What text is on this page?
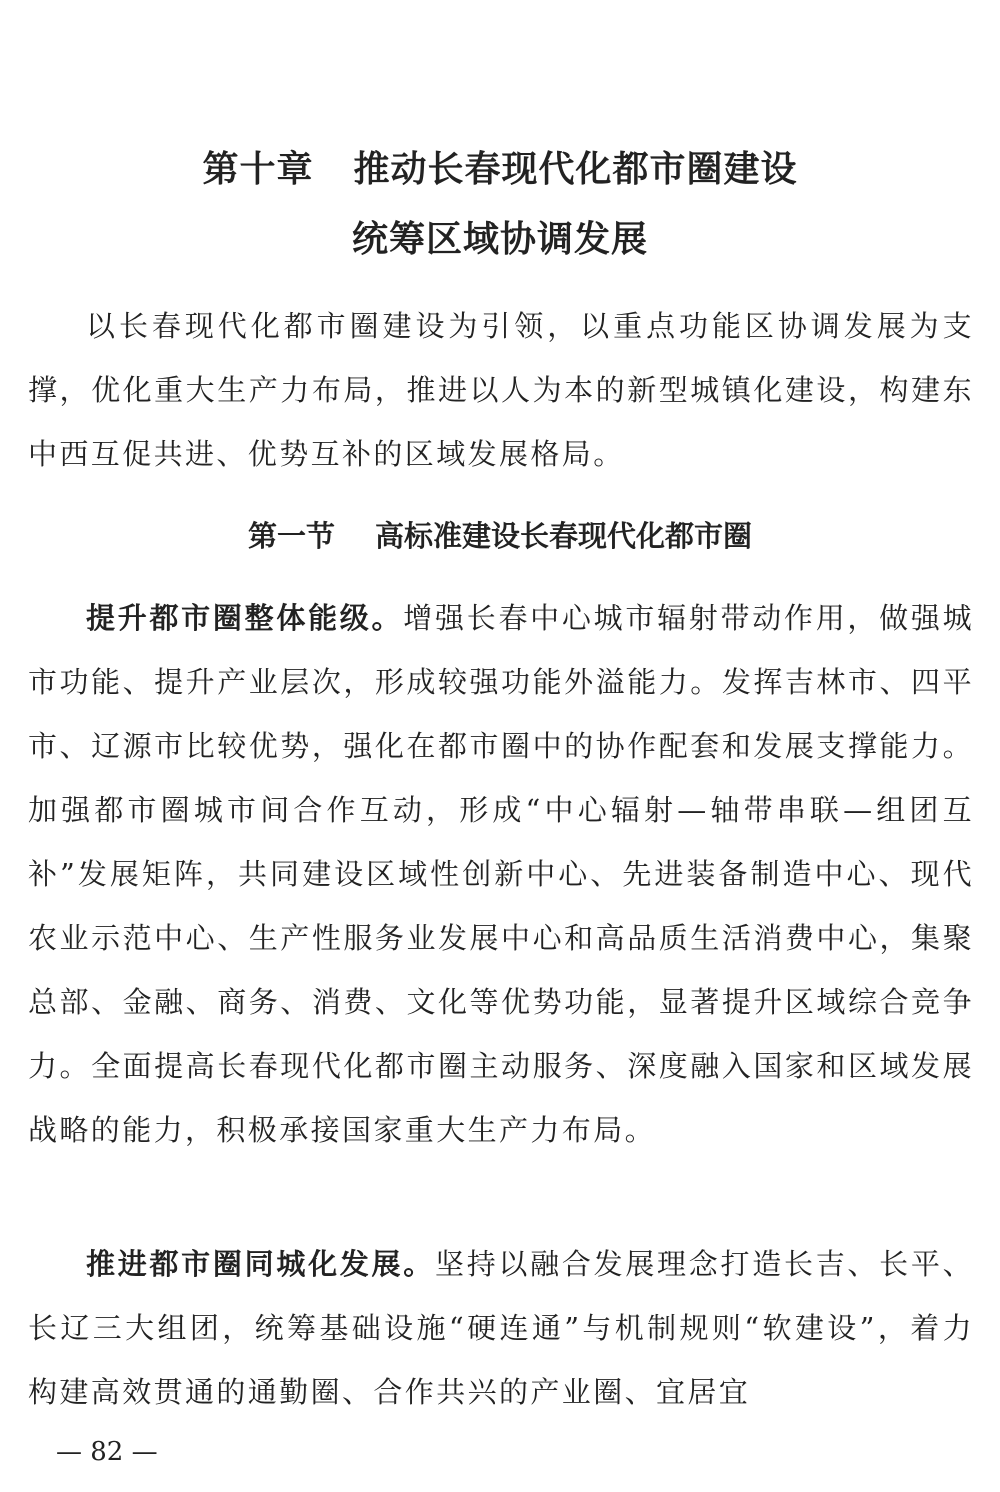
第十章 推动长春现代化都市圈建设
统筹区域协调发展

以长春现代化都市圈建设为引领，以重点功能区协调发展为支撑，优化重大生产力布局，推进以人为本的新型城镇化建设，构建东中西互促共进、优势互补的区域发展格局。

第一节 高标准建设长春现代化都市圈

提升都市圈整体能级。增强长春中心城市辐射带动作用，做强城市功能、提升产业层次，形成较强功能外溢能力。发挥吉林市、四平市、辽源市比较优势，强化在都市圈中的协作配套和发展支撑能力。加强都市圈城市间合作互动，形成“中心辐射—轴带串联—组团互补”发展矩阵，共同建设区域性创新中心、先进装备制造中心、现代农业示范中心、生产性服务业发展中心和高品质生活消费中心，集聚总部、金融、商务、消费、文化等优势功能，显著提升区域综合竞争力。全面提高长春现代化都市圈主动服务、深度融入国家和区域发展战略的能力，积极承接国家重大生产力布局。

推进都市圈同城化发展。坚持以融合发展理念打造长吉、长平、长辽三大组团，统筹基础设施“硬连通”与机制规则“软建设”，着力构建高效贯通的通勤圈、合作共兴的产业圈、宜居宜

— 82 —
